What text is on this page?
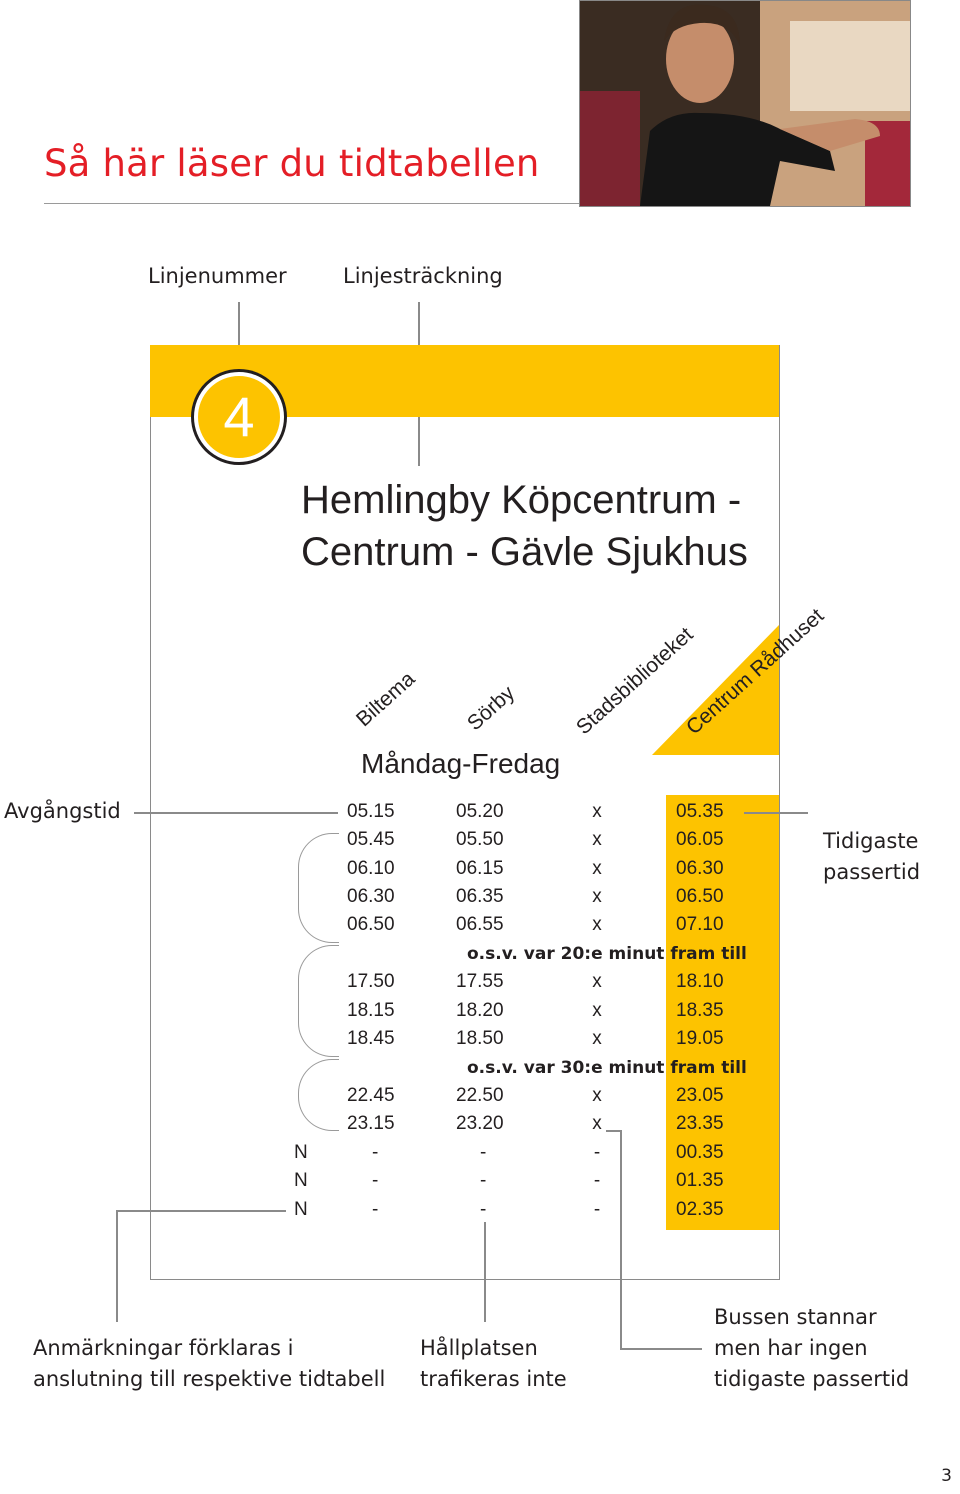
Så här läser du tidtabellen
Linjenummer	Linjesträckning
4
Hemlingby Köpcentrum -
Centrum - Gävle Sjukhus
Biltema Sörby	Stadsbiblioteket
Centrum Rådhuset
Måndag-Fredag
05.15	05.20	x	05.35
05.45	05.50	x	06.05
06.10	06.15	x	06.30
06.30	06.35	x	06.50
06.50	06.55	x	07.10
o.s.v. var 20:e minut fram till
17.50	17.55	x	18.10
18.15	18.20	x	18.35
18.45	18.50	x	19.05
o.s.v. var 30:e minut fram till
22.45	22.50	x	23.05
23.15	23.20	x	23.35
N	-	-	-	00.35
N	-	-	-	01.35
N	-	-	-	02.35
Avgångstid
Tidigaste
passertid
Anmärkningar förklaras i
anslutning till respektive tidtabell
Hållplatsen
trafikeras inte
Bussen stannar
men har ingen
tidigaste passertid
3
